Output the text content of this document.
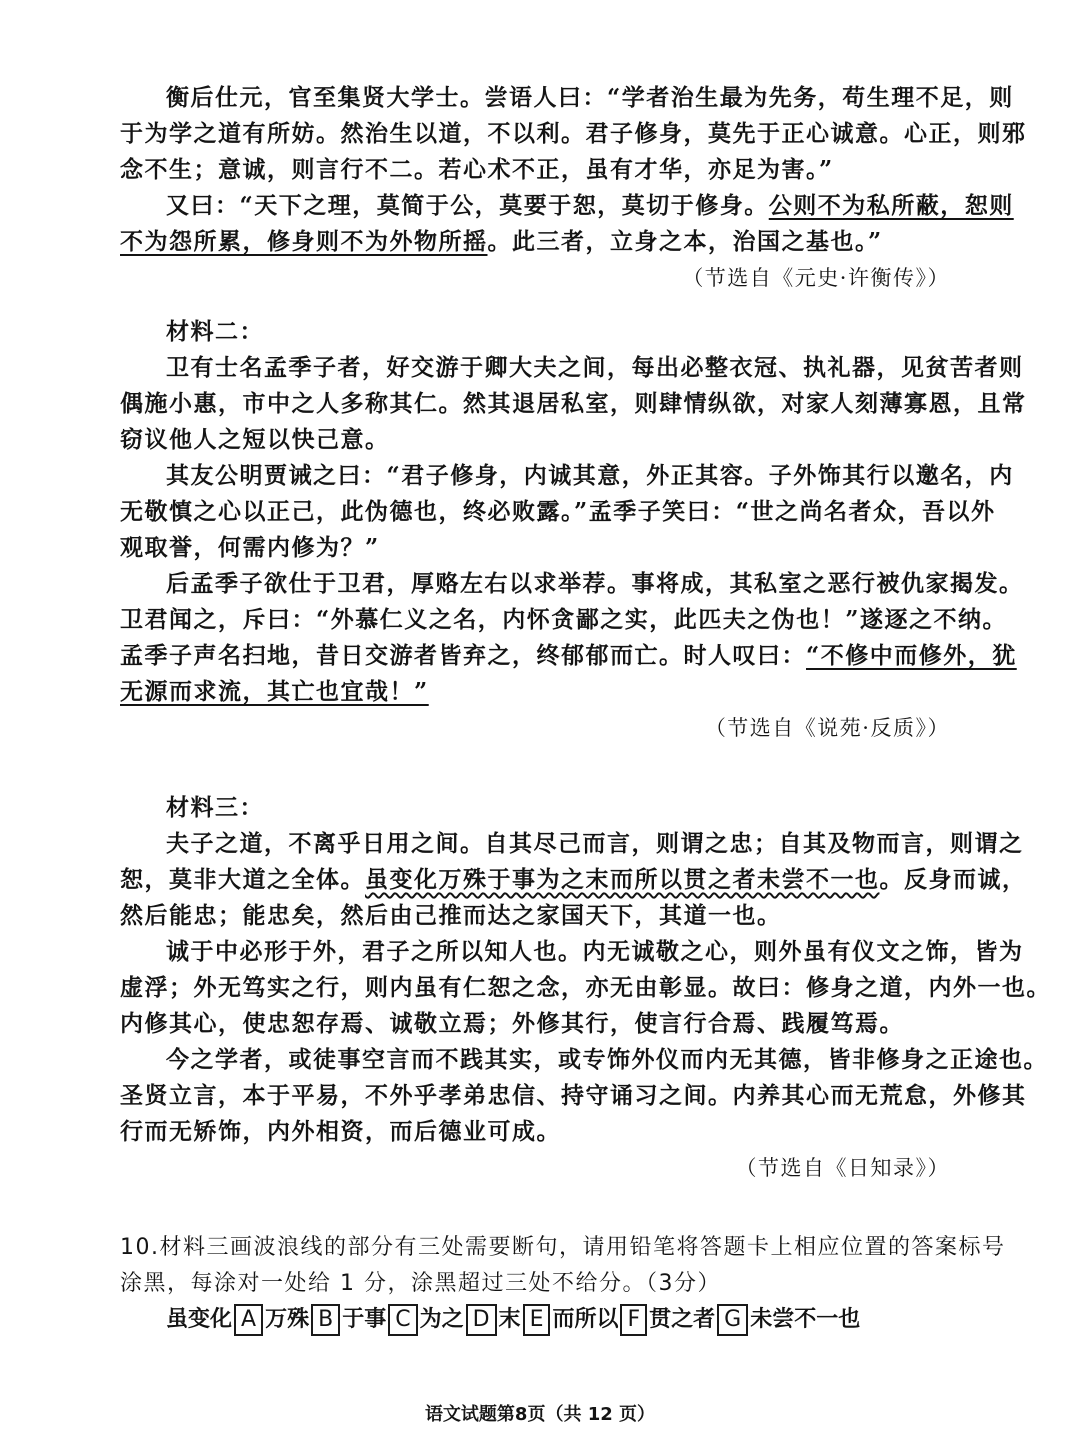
衡后仕元，官至集贤大学士。尝语人曰：“学者治生最为先务，苟生理不足，则
于为学之道有所妨。然治生以道，不以利。君子修身，莫先于正心诚意。心正，则邪
念不生；意诚，则言行不二。若心术不正，虽有才华，亦足为害。”
又曰：“天下之理，莫简于公，莫要于恕，莫切于修身。公则不为私所蔽，恕则
不为怨所累，修身则不为外物所摇。此三者，立身之本，治国之基也。”
（节选自《元史·许衡传》）
材料二：
卫有士名孟季子者，好交游于卿大夫之间，每出必整衣冠、执礼器，见贫苦者则
偶施小惠，市中之人多称其仁。然其退居私室，则肆情纵欲，对家人刻薄寡恩，且常
窃议他人之短以快己意。
其友公明贾诫之曰：“君子修身，内诚其意，外正其容。子外饰其行以邀名，内
无敬慎之心以正己，此伪德也，终必败露。”孟季子笑曰：“世之尚名者众，吾以外
观取誉，何需内修为？”
后孟季子欲仕于卫君，厚赂左右以求举荐。事将成，其私室之恶行被仇家揭发。
卫君闻之，斥曰：“外慕仁义之名，内怀贪鄙之实，此匹夫之伪也！”遂逐之不纳。
孟季子声名扫地，昔日交游者皆弃之，终郁郁而亡。时人叹曰：“不修中而修外，犹
无源而求流，其亡也宜哉！”
（节选自《说苑·反质》）
材料三：
夫子之道，不离乎日用之间。自其尽己而言，则谓之忠；自其及物而言，则谓之
恕，莫非大道之全体。虽变化万殊于事为之末而所以贯之者未尝不一也。反身而诚，
然后能忠；能忠矣，然后由己推而达之家国天下，其道一也。
诚于中必形于外，君子之所以知人也。内无诚敬之心，则外虽有仪文之饰，皆为
虚浮；外无笃实之行，则内虽有仁恕之念，亦无由彰显。故曰：修身之道，内外一也。
内修其心，使忠恕存焉、诚敬立焉；外修其行，使言行合焉、践履笃焉。
今之学者，或徒事空言而不践其实，或专饰外仪而内无其德，皆非修身之正途也。
圣贤立言，本于平易，不外乎孝弟忠信、持守诵习之间。内养其心而无荒怠，外修其
行而无矫饰，内外相资，而后德业可成。
（节选自《日知录》）
10.材料三画波浪线的部分有三处需要断句，请用铅笔将答题卡上相应位置的答案标号
涂黑，每涂对一处给 1 分，涂黑超过三处不给分。（3分）
虽变化 A 万殊 B 于事 C 为之 D 末 E 而所以 F 贯之者 G 未尝不一也
语文试题第8页（共 12 页）
